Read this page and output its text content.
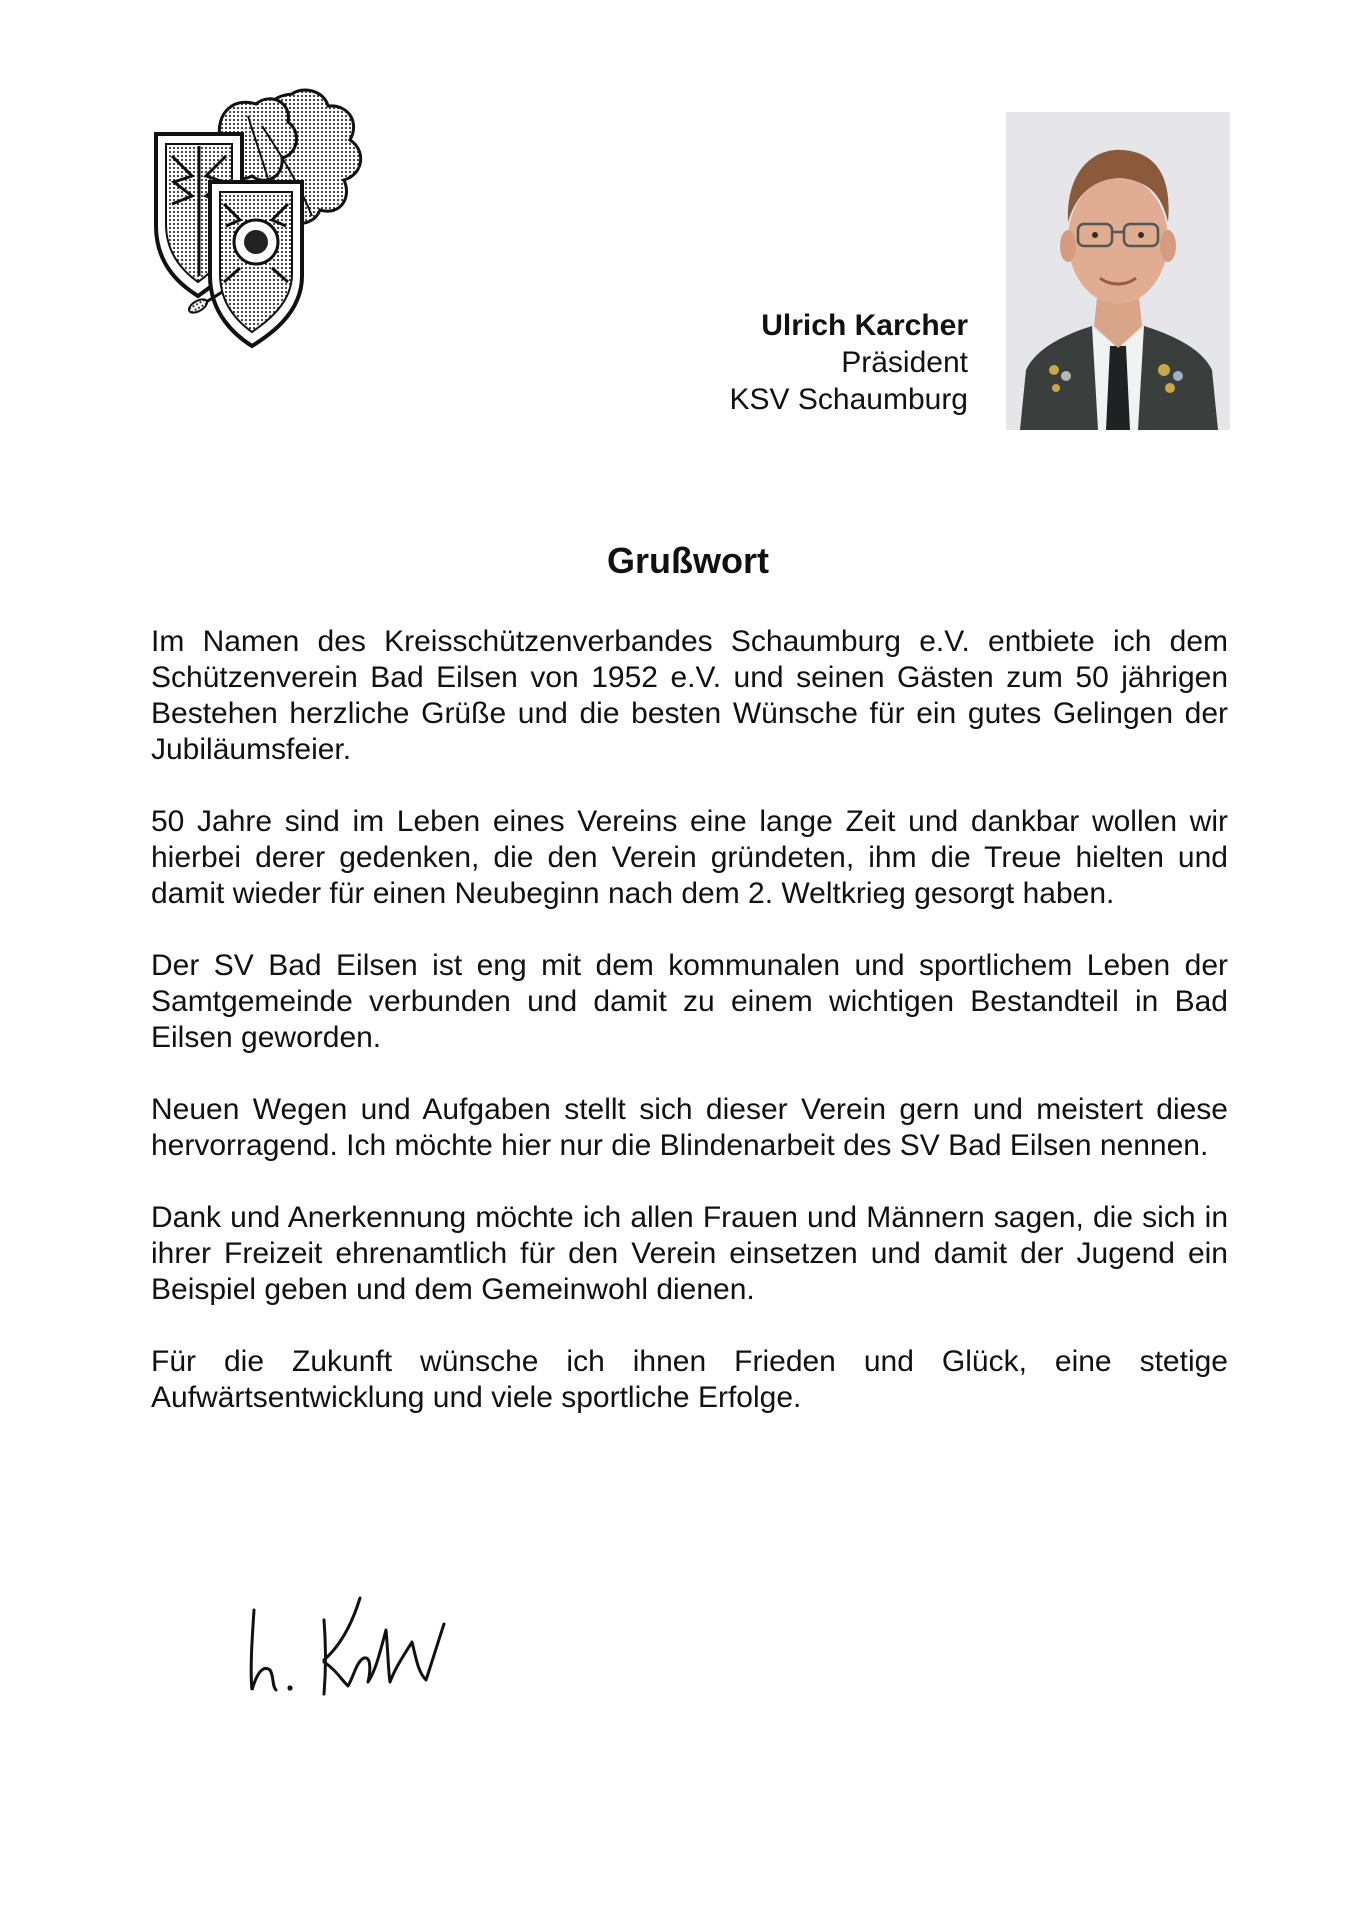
Ulrich Karcher
Präsident
KSV Schaumburg
Grußwort

Im Namen des Kreisschützenverbandes Schaumburg e.V. entbiete ich dem Schützenverein Bad Eilsen von 1952 e.V. und seinen Gästen zum 50 jährigen Bestehen herzliche Grüße und die besten Wünsche für ein gutes Gelingen der Jubiläumsfeier.

50 Jahre sind im Leben eines Vereins eine lange Zeit und dankbar wollen wir hierbei derer gedenken, die den Verein gründeten, ihm die Treue hielten und damit wieder für einen Neubeginn nach dem 2. Weltkrieg gesorgt haben.

Der SV Bad Eilsen ist eng mit dem kommunalen und sportlichem Leben der Samtgemeinde verbunden und damit zu einem wichtigen Bestandteil in Bad Eilsen geworden.

Neuen Wegen und Aufgaben stellt sich dieser Verein gern und meistert diese hervorragend. Ich möchte hier nur die Blindenarbeit des SV Bad Eilsen nennen.

Dank und Anerkennung möchte ich allen Frauen und Männern sagen, die sich in ihrer Freizeit ehrenamtlich für den Verein einsetzen und damit der Jugend ein Beispiel geben und dem Gemeinwohl dienen.

Für die Zukunft wünsche ich ihnen Frieden und Glück, eine stetige Aufwärtsentwicklung und viele sportliche Erfolge.
